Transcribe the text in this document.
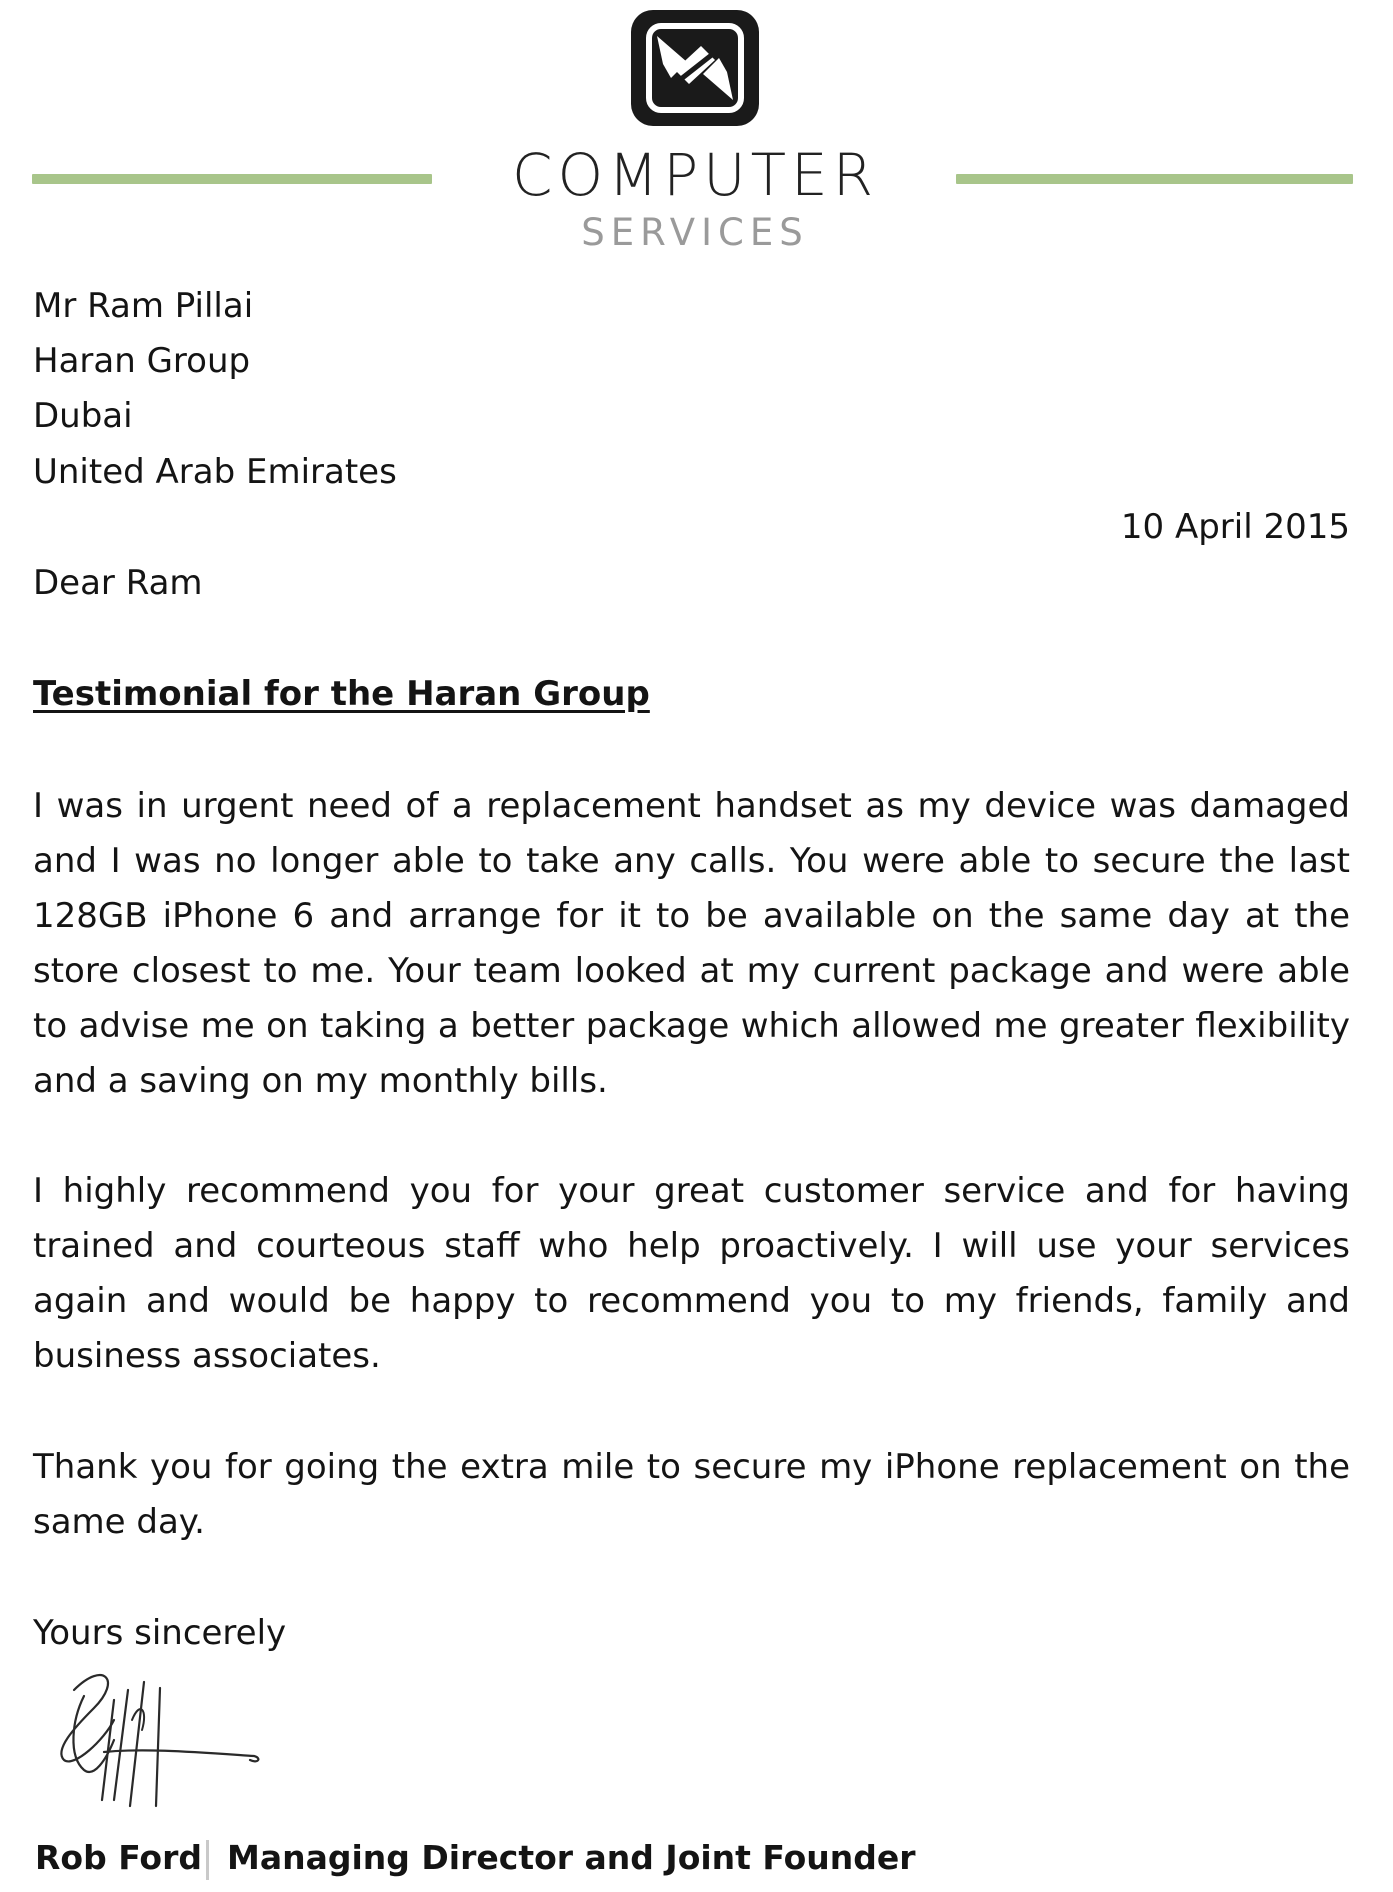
COMPUTER
SERVICES
Mr Ram Pillai
Haran Group
Dubai
United Arab Emirates
10 April 2015
Dear Ram
Testimonial for the Haran Group

I was in urgent need of a replacement handset as my device was damaged and I was no longer able to take any calls. You were able to secure the last 128GB iPhone 6 and arrange for it to be available on the same day at the store closest to me. Your team looked at my current package and were able to advise me on taking a better package which allowed me greater flexibility and a saving on my monthly bills.

I highly recommend you for your great customer service and for having trained and courteous staff who help proactively. I will use your services again and would be happy to recommend you to my friends, family and business associates.

Thank you for going the extra mile to secure my iPhone replacement on the same day.

Yours sincerely
Rob Ford Managing Director and Joint Founder
